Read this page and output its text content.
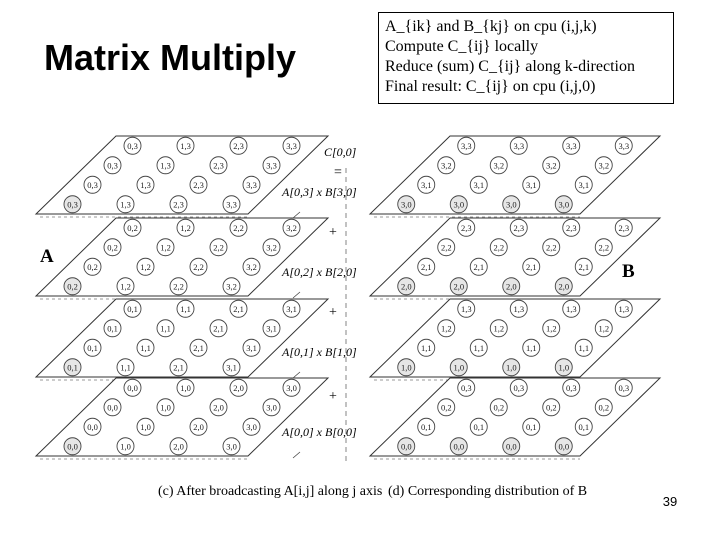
Matrix Multiply
A_{ik} and B_{kj} on cpu (i,j,k)
Compute C_{ij} locally
Reduce (sum) C_{ij} along k-direction
Final result: C_{ij} on cpu (i,j,0)
0,3	1,3	2,3	3,3
0,3	1,3	2,3	3,3
0,3	1,3	2,3	3,3
0,3	1,3	2,3	3,3
0,2	1,2	2,2	3,2
0,2	1,2	2,2	3,2
0,2	1,2	2,2	3,2
0,2	1,2	2,2	3,2
0,1	1,1	2,1	3,1
0,1	1,1	2,1	3,1
0,1	1,1	2,1	3,1
0,1	1,1	2,1	3,1
0,0	1,0	2,0	3,0
0,0	1,0	2,0	3,0
0,0	1,0	2,0	3,0
0,0	1,0	2,0	3,0
3,3	3,3	3,3	3,3
3,2	3,2	3,2	3,2
3,1	3,1	3,1	3,1
3,0	3,0	3,0	3,0
2,3	2,3	2,3	2,3
2,2	2,2	2,2	2,2
2,1	2,1	2,1	2,1
2,0	2,0	2,0	2,0
1,3	1,3	1,3	1,3
1,2	1,2	1,2	1,2
1,1	1,1	1,1	1,1
1,0	1,0	1,0	1,0
0,3	0,3	0,3	0,3
0,2	0,2	0,2	0,2
0,1	0,1	0,1	0,1
0,0	0,0	0,0	0,0
C[0,0]
=
A[0,3] x B[3,0]
A[0,2] x B[2,0]
A[0,1] x B[1,0]
A[0,0] x B[0,0]
+
+
+
A
B
(c) After broadcasting A[i,j] along j axis (d) Corresponding distribution of B
39
